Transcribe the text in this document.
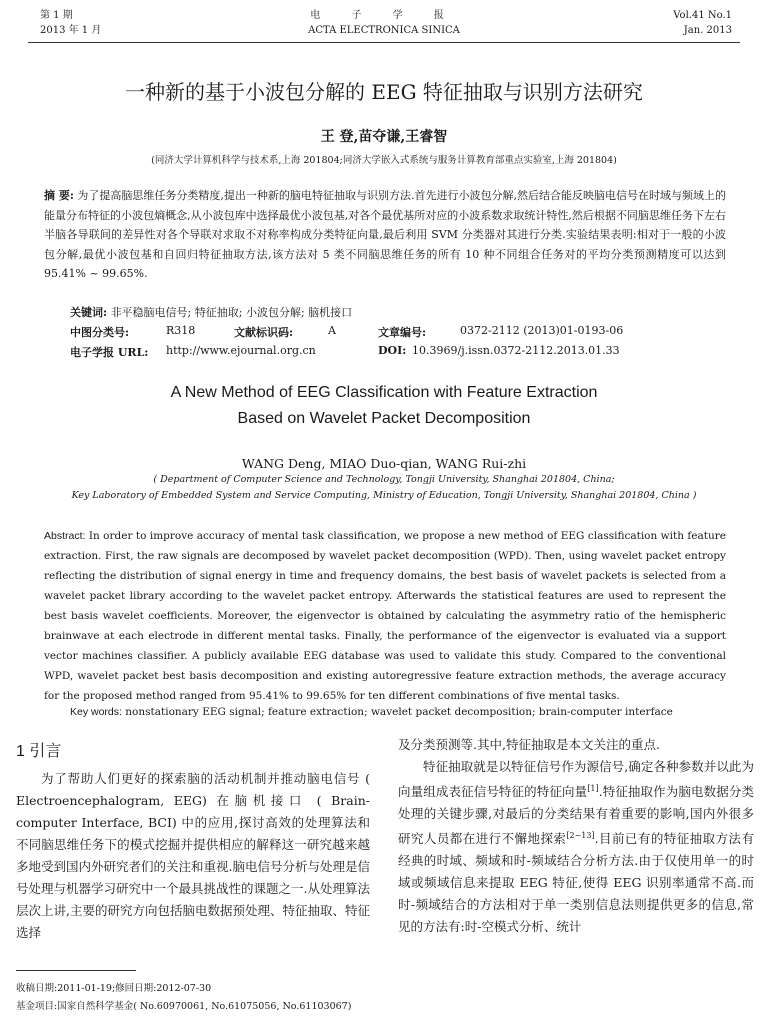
第 1 期
2013 年 1 月
电 子 学 报
ACTA ELECTRONICA SINICA
Vol.41 No.1
Jan. 2013
一种新的基于小波包分解的 EEG 特征抽取与识别方法研究
王 登,苗夺谦,王睿智
(同济大学计算机科学与技术系,上海 201804;同济大学嵌入式系统与服务计算教育部重点实验室,上海 201804)
摘 要: 为了提高脑思维任务分类精度,提出一种新的脑电特征抽取与识别方法.首先进行小波包分解,然后结合能反映脑电信号在时域与频域上的能量分布特征的小波包熵概念,从小波包库中选择最优小波包基,对各个最优基所对应的小波系数求取统计特性,然后根据不同脑思维任务下左右半脑各导联间的差异性对各个导联对求取不对称率构成分类特征向量,最后利用 SVM 分类器对其进行分类.实验结果表明:相对于一般的小波包分解,最优小波包基和自回归特征抽取方法,该方法对 5 类不同脑思维任务的所有 10 种不同组合任务对的平均分类预测精度可以达到 95.41% ~ 99.65%.
关键词: 非平稳脑电信号; 特征抽取; 小波包分解; 脑机接口
中图分类号:	R318	文献标识码:	A	文章编号:	0372-2112 (2013)01-0193-06
电子学报 URL: http://www.ejournal.org.cn	DOI: 10.3969/j.issn.0372-2112.2013.01.33
A New Method of EEG Classification with Feature Extraction
Based on Wavelet Packet Decomposition
WANG Deng, MIAO Duo-qian, WANG Rui-zhi
( Department of Computer Science and Technology, Tongji University, Shanghai 201804, China;
Key Laboratory of Embedded System and Service Computing, Ministry of Education, Tongji University, Shanghai 201804, China )
Abstract: In order to improve accuracy of mental task classification, we propose a new method of EEG classification with feature extraction. First, the raw signals are decomposed by wavelet packet decomposition (WPD). Then, using wavelet packet entropy reflecting the distribution of signal energy in time and frequency domains, the best basis of wavelet packets is selected from a wavelet packet library according to the wavelet packet entropy. Afterwards the statistical features are used to represent the best basis wavelet coefficients. Moreover, the eigenvector is obtained by calculating the asymmetry ratio of the hemispheric brainwave at each electrode in different mental tasks. Finally, the performance of the eigenvector is evaluated via a support vector machines classifier. A publicly available EEG database was used to validate this study. Compared to the conventional WPD, wavelet packet best basis decomposition and existing autoregressive feature extraction methods, the average accuracy for the proposed method ranged from 95.41% to 99.65% for ten different combinations of five mental tasks.
Key words: nonstationary EEG signal; feature extraction; wavelet packet decomposition; brain-computer interface
1 引言
为了帮助人们更好的探索脑的活动机制并推动脑电信号 ( Electroencephalogram, EEG) 在脑机接口 ( Brain-computer Interface, BCI) 中的应用,探讨高效的处理算法和不同脑思维任务下的模式挖掘并提供相应的解释这一研究越来越多地受到国内外研究者们的关注和重视.脑电信号分析与处理是信号处理与机器学习研究中一个最具挑战性的课题之一.从处理算法层次上讲,主要的研究方向包括脑电数据预处理、特征抽取、特征选择
及分类预测等.其中,特征抽取是本文关注的重点.
特征抽取就是以特征信号作为源信号,确定各种参数并以此为向量组成表征信号特征的特征向量[1].特征抽取作为脑电数据分类处理的关键步骤,对最后的分类结果有着重要的影响,国内外很多研究人员都在进行不懈地探索[2~13].目前已有的特征抽取方法有经典的时域、频域和时-频域结合分析方法.由于仅使用单一的时域或频域信息来提取 EEG 特征,使得 EEG 识别率通常不高.而时-频域结合的方法相对于单一类别信息法则提供更多的信息,常见的方法有:时-空模式分析、统计
收稿日期:2011-01-19;修回日期:2012-07-30
基金项目:国家自然科学基金( No.60970061, No.61075056, No.61103067)
